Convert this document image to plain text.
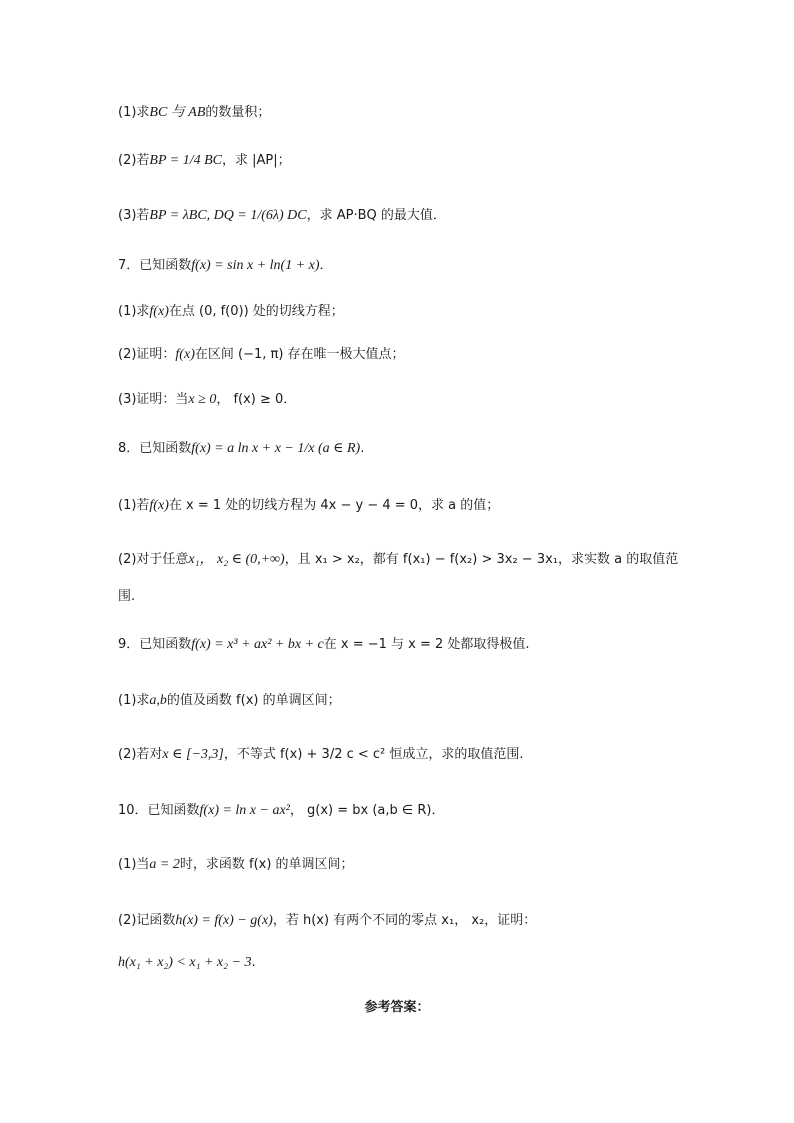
(1)求BC 与 AB的数量积；
(2)若BP = 1/4 BC，求 |AP|；
(3)若BP = λBC, DQ = 1/(6λ) DC，求 AP·BQ 的最大值．
7．已知函数f(x) = sin x + ln(1 + x)．
(1)求f(x)在点 (0, f(0)) 处的切线方程；
(2)证明：f(x)在区间 (−1, π) 存在唯一极大值点；
(3)证明：当x ≥ 0， f(x) ≥ 0．
8．已知函数f(x) = a ln x + x − 1/x (a ∈ R).
(1)若f(x)在 x = 1 处的切线方程为 4x − y − 4 = 0，求 a 的值；
(2)对于任意x₁， x₂ ∈ (0,+∞)，且 x₁ > x₂，都有 f(x₁) − f(x₂) > 3x₂ − 3x₁，求实数 a 的取值范
围.
9．已知函数f(x) = x³ + ax² + bx + c在 x = −1 与 x = 2 处都取得极值.
(1)求a,b的值及函数 f(x) 的单调区间；
(2)若对x ∈ [−3,3]，不等式 f(x) + 3/2 c < c² 恒成立，求的取值范围.
10．已知函数f(x) = ln x − ax²， g(x) = bx (a,b ∈ R)．
(1)当a = 2时，求函数 f(x) 的单调区间；
(2)记函数h(x) = f(x) − g(x)，若 h(x) 有两个不同的零点 x₁， x₂，证明：
h(x₁ + x₂) < x₁ + x₂ − 3.
参考答案：
